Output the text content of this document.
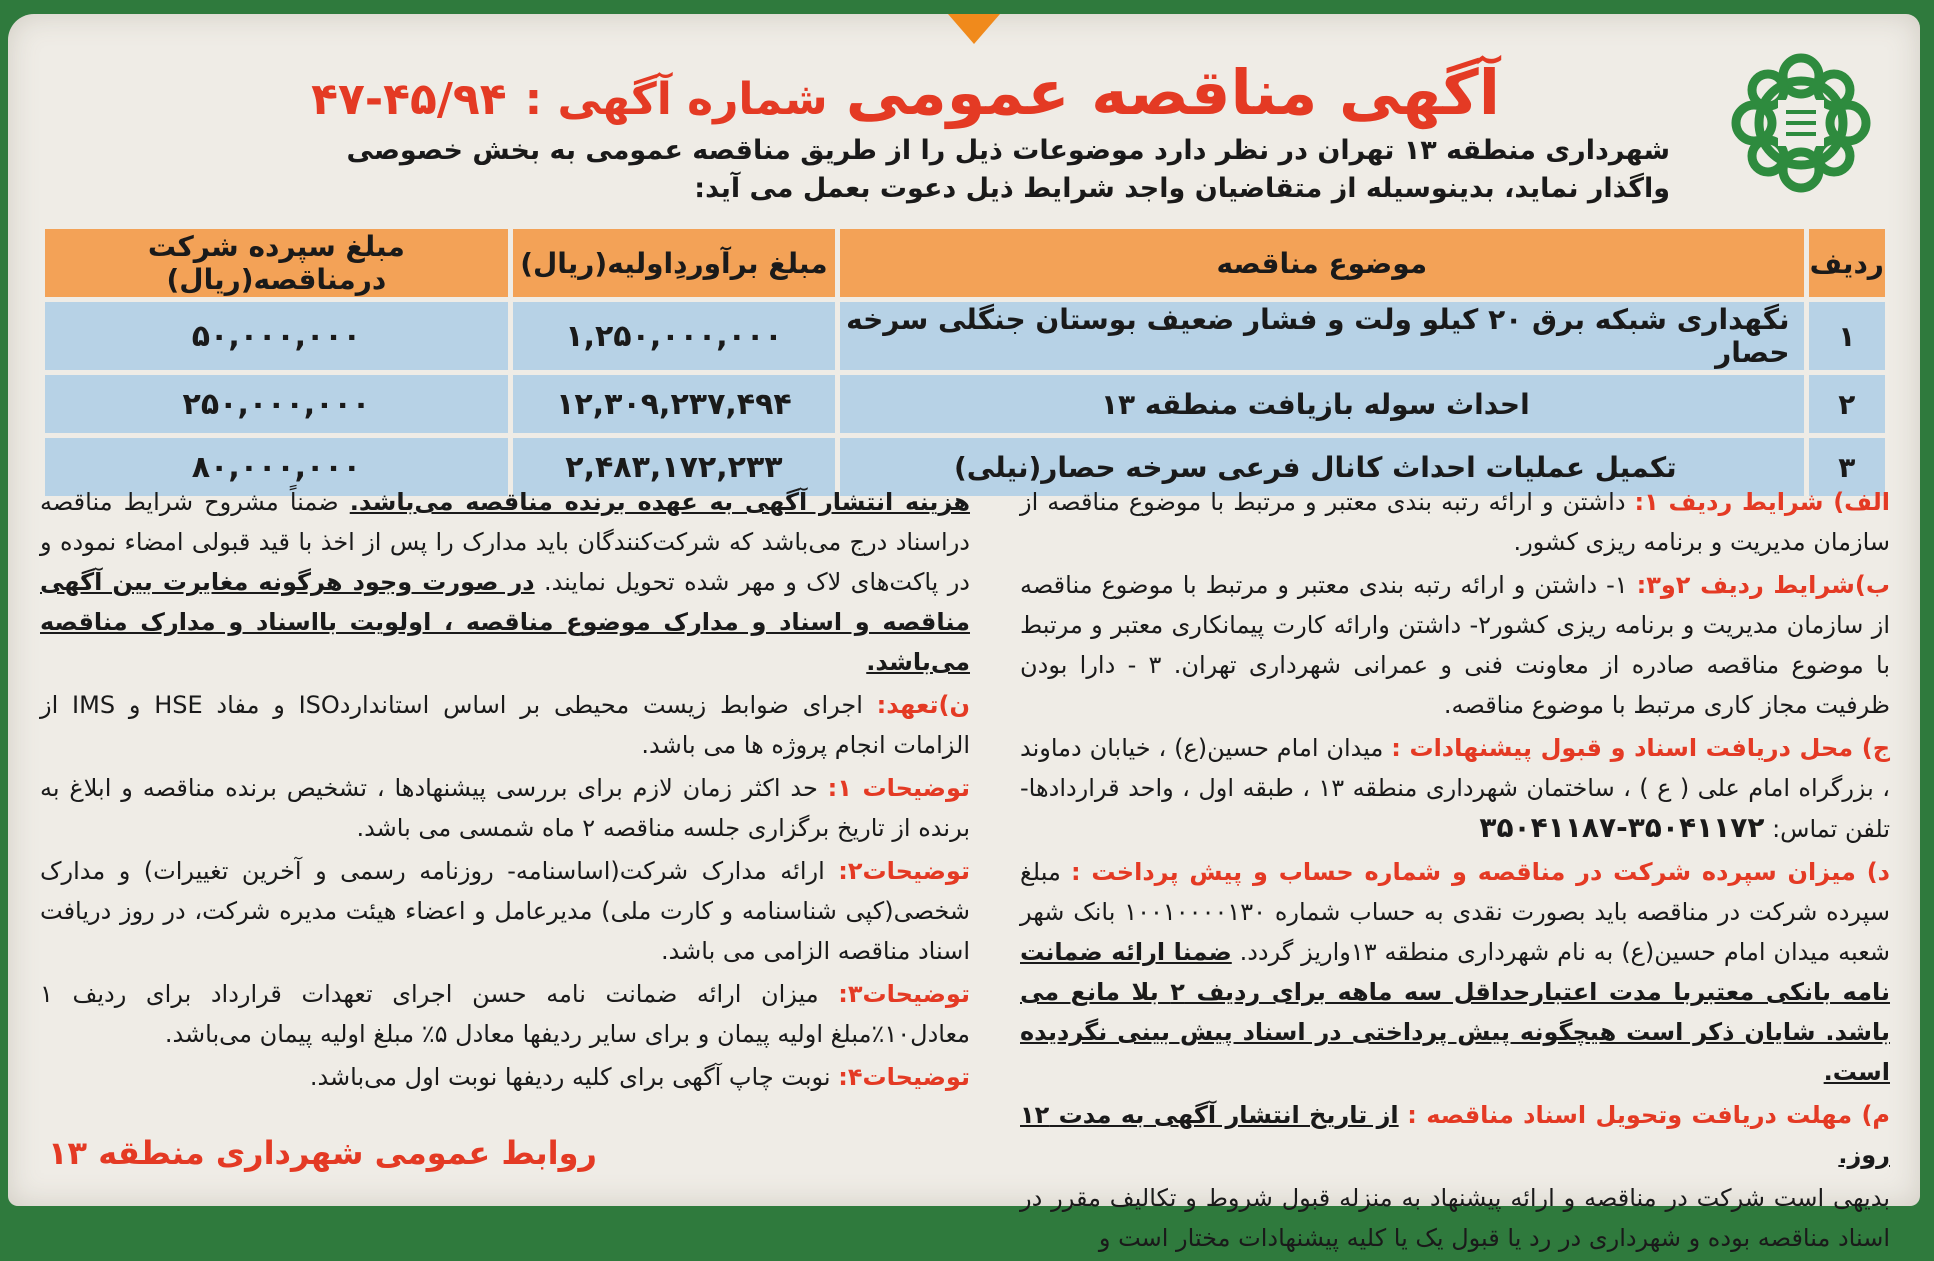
آگهی مناقصه عمومی
شماره آگهی :
۴۷-۴۵/۹۴
شهرداری منطقه ۱۳ تهران در نظر دارد موضوعات ذیل را از طریق مناقصه عمومی به بخش خصوصی واگذار نماید، بدینوسیله از متقاضیان واجد شرایط ذیل دعوت بعمل می آید:
ردیف	موضوع مناقصه	مبلغ برآوردِاولیه(ریال)	مبلغ سپرده شرکت درمناقصه(ریال)
۱	نگهداری شبکه برق ۲۰ کیلو ولت و فشار ضعیف بوستان جنگلی سرخه حصار	۱,۲۵۰,۰۰۰,۰۰۰	۵۰,۰۰۰,۰۰۰
۲	احداث سوله بازیافت منطقه ۱۳	۱۲,۳۰۹,۲۳۷,۴۹۴	۲۵۰,۰۰۰,۰۰۰
۳	تکمیل عملیات احداث کانال فرعی سرخه حصار(نیلی)	۲,۴۸۳,۱۷۲,۲۳۳	۸۰,۰۰۰,۰۰۰

الف) شرایط ردیف ۱: داشتن و ارائه رتبه بندی معتبر و مرتبط با موضوع مناقصه از سازمان مدیریت و برنامه ریزی کشور.

ب)شرایط ردیف ۲و۳: ۱- داشتن و ارائه رتبه بندی معتبر و مرتبط با موضوع مناقصه از سازمان مدیریت و برنامه ریزی کشور۲- داشتن وارائه کارت پیمانکاری معتبر و مرتبط با موضوع مناقصه صادره از معاونت فنی و عمرانی شهرداری تهران. ۳ - دارا بودن ظرفیت مجاز کاری مرتبط با موضوع مناقصه.

ج) محل دریافت اسناد و قبول پیشنهادات : میدان امام حسین(ع) ، خیابان دماوند ، بزرگراه امام علی ( ع ) ، ساختمان شهرداری منطقه ۱۳ ، طبقه اول ، واحد قراردادها- تلفن تماس: ۳۵۰۴۱۱۷۲-۳۵۰۴۱۱۸۷

د) میزان سپرده شرکت در مناقصه و شماره حساب و پیش پرداخت : مبلغ سپرده شرکت در مناقصه باید بصورت نقدی به حساب شماره ۱۰۰۱۰۰۰۰۱۳۰ بانک شهر شعبه میدان امام حسین(ع) به نام شهرداری منطقه ۱۳واریز گردد. ضمنا ارائه ضمانت نامه بانکی معتبربا مدت اعتبارحداقل سه ماهه برای ردیف ۲ بلا مانع می باشد. شایان ذکر است هیچگونه پیش پرداختی در اسناد پیش بینی نگردیده است.

م) مهلت دریافت وتحویل اسناد مناقصه : از تاریخ انتشار آگهی به مدت ۱۲ روز.

بدیهی است شرکت در مناقصه و ارائه پیشنهاد به منزله قبول شروط و تکالیف مقرر در اسناد مناقصه بوده و شهرداری در رد یا قبول یک یا کلیه پیشنهادات مختار است و

هزینه انتشار آگهی به عهده برنده مناقصه می‌باشد. ضمناً مشروح شرایط مناقصه دراسناد درج می‌باشد که شرکت‌کنندگان باید مدارک را پس از اخذ با قید قبولی امضاء نموده و در پاکت‌های لاک و مهر شده تحویل نمایند. در صورت وجود هرگونه مغایرت بین آگهی مناقصه و اسناد و مدارک موضوع مناقصه ، اولویت بااسناد و مدارک مناقصه می‌باشد.

ن)تعهد: اجرای ضوابط زیست محیطی بر اساس استانداردISO و مفاد HSE و IMS از الزامات انجام پروژه ها می باشد.

توضیحات ۱: حد اکثر زمان لازم برای بررسی پیشنهادها ، تشخیص برنده مناقصه و ابلاغ به برنده از تاریخ برگزاری جلسه مناقصه ۲ ماه شمسی می باشد.

توضیحات۲: ارائه مدارک شرکت(اساسنامه- روزنامه رسمی و آخرین تغییرات) و مدارک شخصی(کپی شناسنامه و کارت ملی) مدیرعامل و اعضاء هیئت مدیره شرکت، در روز دریافت اسناد مناقصه الزامی می باشد.

توضیحات۳: میزان ارائه ضمانت نامه حسن اجرای تعهدات قرارداد برای ردیف ۱ معادل۱۰٪مبلغ اولیه پیمان و برای سایر ردیفها معادل ۵٪ مبلغ اولیه پیمان می‌باشد.

توضیحات۴: نوبت چاپ آگهی برای کلیه ردیفها نوبت اول می‌باشد.

روابط عمومی شهرداری منطقه ۱۳
